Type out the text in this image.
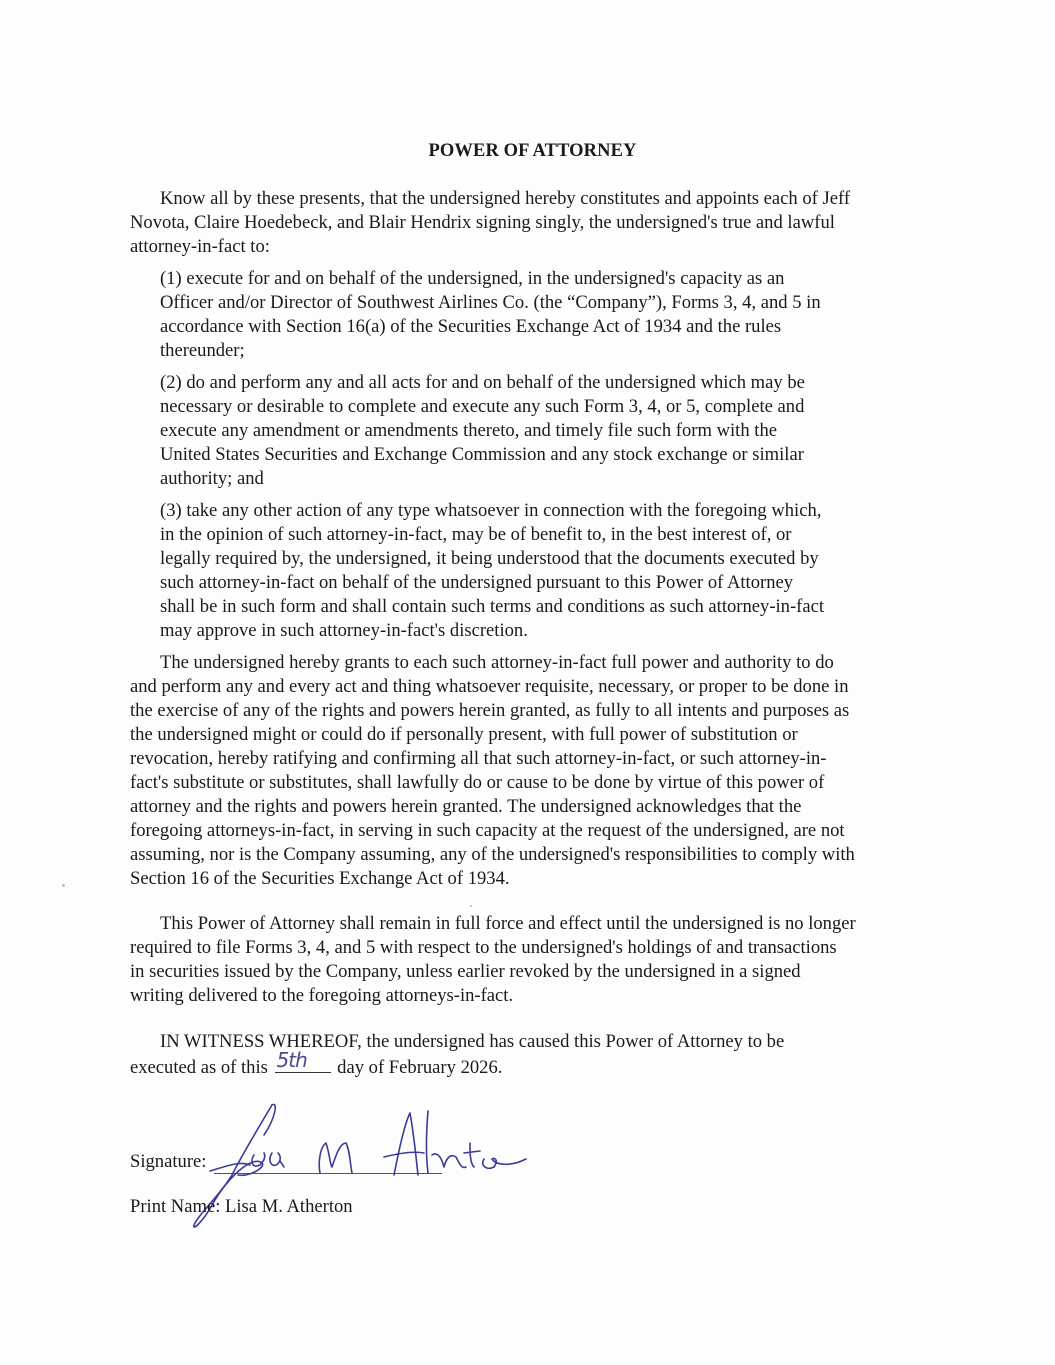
POWER OF ATTORNEY

Know all by these presents, that the undersigned hereby constitutes and appoints each of Jeff
Novota, Claire Hoedebeck, and Blair Hendrix signing singly, the undersigned's true and lawful
attorney-in-fact to:

(1) execute for and on behalf of the undersigned, in the undersigned's capacity as an
Officer and/or Director of Southwest Airlines Co. (the “Company”), Forms 3, 4, and 5 in
accordance with Section 16(a) of the Securities Exchange Act of 1934 and the rules
thereunder;

(2) do and perform any and all acts for and on behalf of the undersigned which may be
necessary or desirable to complete and execute any such Form 3, 4, or 5, complete and
execute any amendment or amendments thereto, and timely file such form with the
United States Securities and Exchange Commission and any stock exchange or similar
authority; and

(3) take any other action of any type whatsoever in connection with the foregoing which,
in the opinion of such attorney-in-fact, may be of benefit to, in the best interest of, or
legally required by, the undersigned, it being understood that the documents executed by
such attorney-in-fact on behalf of the undersigned pursuant to this Power of Attorney
shall be in such form and shall contain such terms and conditions as such attorney-in-fact
may approve in such attorney-in-fact's discretion.

The undersigned hereby grants to each such attorney-in-fact full power and authority to do
and perform any and every act and thing whatsoever requisite, necessary, or proper to be done in
the exercise of any of the rights and powers herein granted, as fully to all intents and purposes as
the undersigned might or could do if personally present, with full power of substitution or
revocation, hereby ratifying and confirming all that such attorney-in-fact, or such attorney-in-
fact's substitute or substitutes, shall lawfully do or cause to be done by virtue of this power of
attorney and the rights and powers herein granted. The undersigned acknowledges that the
foregoing attorneys-in-fact, in serving in such capacity at the request of the undersigned, are not
assuming, nor is the Company assuming, any of the undersigned's responsibilities to comply with
Section 16 of the Securities Exchange Act of 1934.

This Power of Attorney shall remain in full force and effect until the undersigned is no longer
required to file Forms 3, 4, and 5 with respect to the undersigned's holdings of and transactions
in securities issued by the Company, unless earlier revoked by the undersigned in a signed
writing delivered to the foregoing attorneys-in-fact.

IN WITNESS WHEREOF, the undersigned has caused this Power of Attorney to be
executed as of this 5th day of February 2026.

Signature:
Print Name: Lisa M. Atherton
